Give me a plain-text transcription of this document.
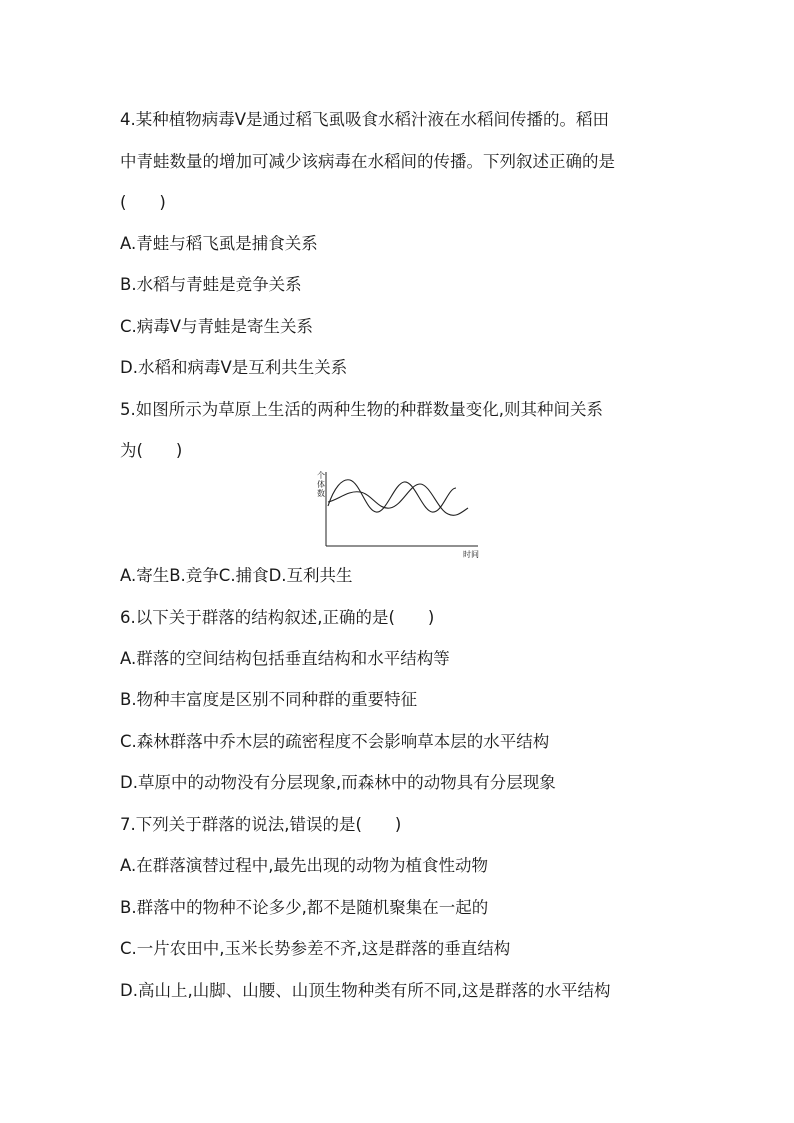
4.某种植物病毒Ⅴ是通过稻飞虱吸食水稻汁液在水稻间传播的。稻田
中青蛙数量的增加可减少该病毒在水稻间的传播。下列叙述正确的是
(　　)
A.青蛙与稻飞虱是捕食关系
B.水稻与青蛙是竞争关系
C.病毒Ⅴ与青蛙是寄生关系
D.水稻和病毒Ⅴ是互利共生关系
5.如图所示为草原上生活的两种生物的种群数量变化,则其种间关系
为(　　)
个
体
数
时间
A.寄生B.竞争C.捕食D.互利共生
6.以下关于群落的结构叙述,正确的是(　　)
A.群落的空间结构包括垂直结构和水平结构等
B.物种丰富度是区别不同种群的重要特征
C.森林群落中乔木层的疏密程度不会影响草本层的水平结构
D.草原中的动物没有分层现象,而森林中的动物具有分层现象
7.下列关于群落的说法,错误的是(　　)
A.在群落演替过程中,最先出现的动物为植食性动物
B.群落中的物种不论多少,都不是随机聚集在一起的
C.一片农田中,玉米长势参差不齐,这是群落的垂直结构
D.高山上,山脚、山腰、山顶生物种类有所不同,这是群落的水平结构
